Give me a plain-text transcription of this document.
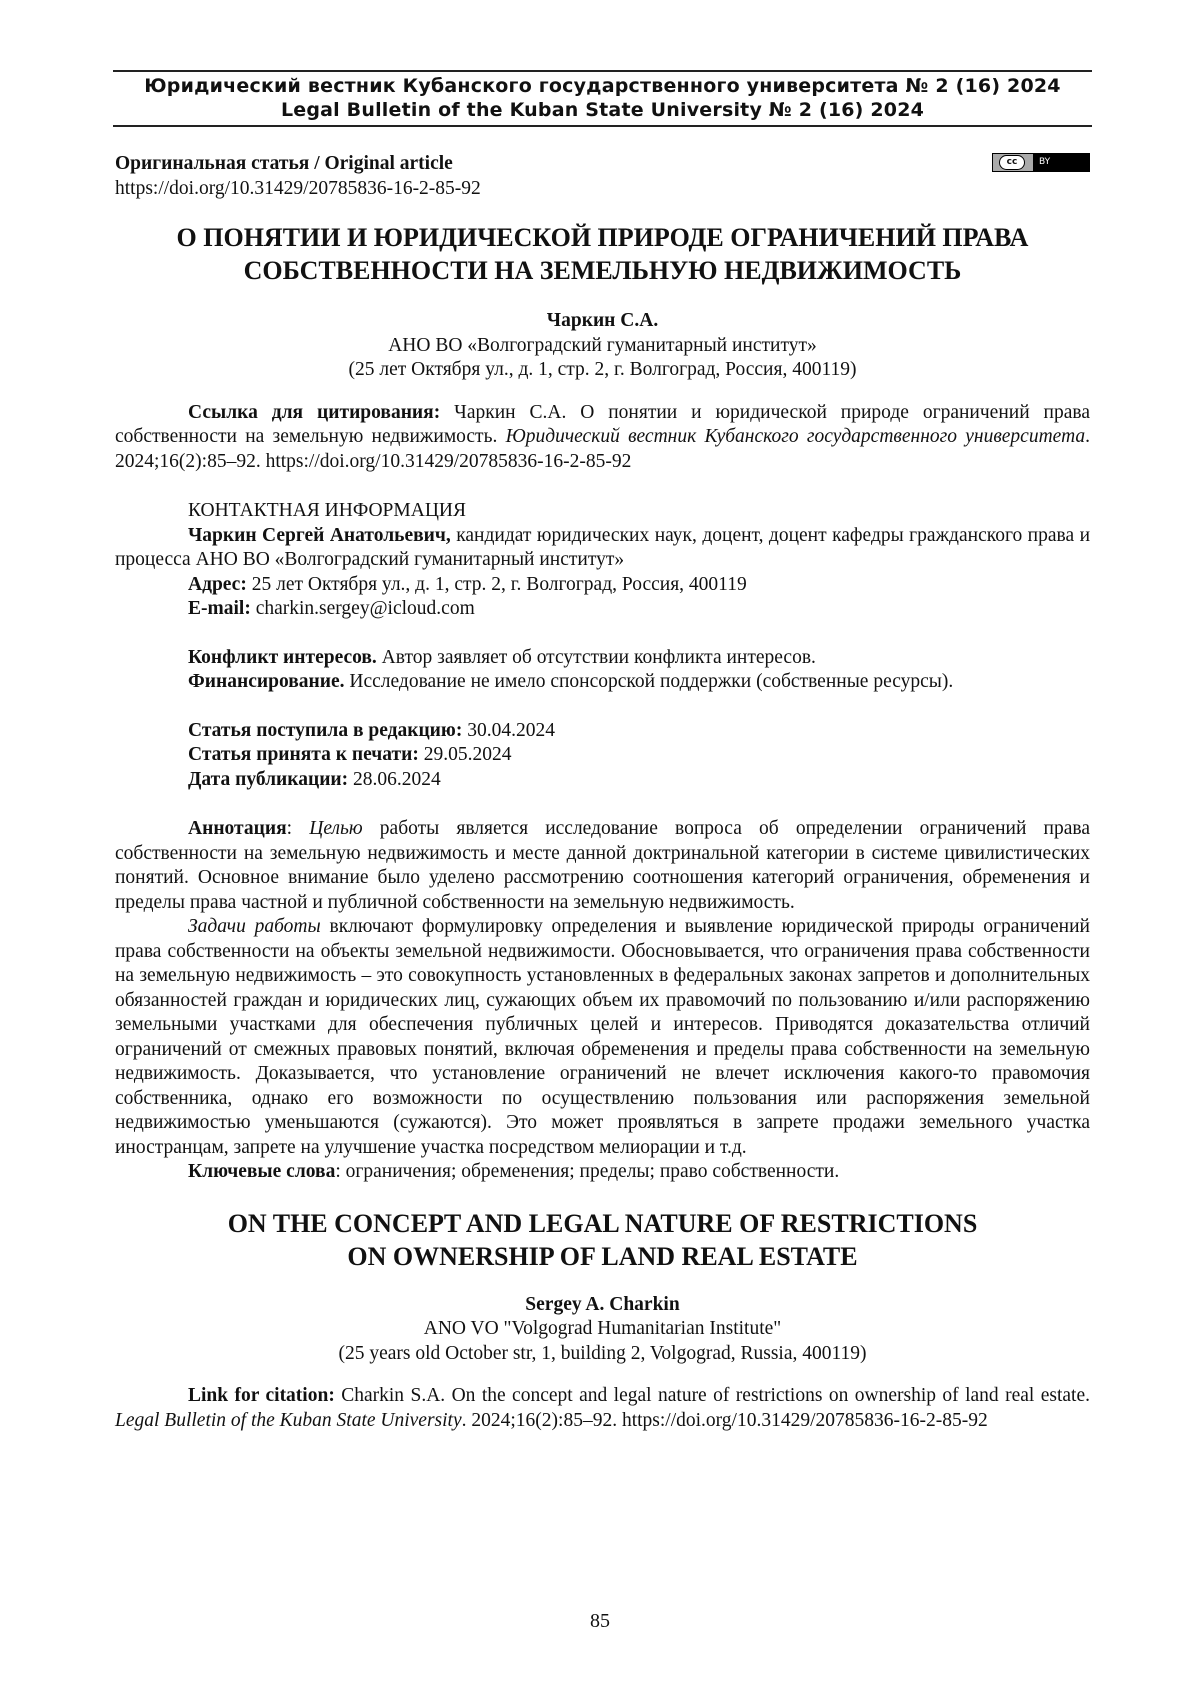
Юридический вестник Кубанского государственного университета № 2 (16) 2024
Legal Bulletin of the Kuban State University № 2 (16) 2024
cc	BY

Оригинальная статья / Original article

https://doi.org/10.31429/20785836-16-2-85-92

О ПОНЯТИИ И ЮРИДИЧЕСКОЙ ПРИРОДЕ ОГРАНИЧЕНИЙ ПРАВА
СОБСТВЕННОСТИ НА ЗЕМЕЛЬНУЮ НЕДВИЖИМОСТЬ

Чаркин С.А.

АНО ВО «Волгоградский гуманитарный институт»

(25 лет Октября ул., д. 1, стр. 2, г. Волгоград, Россия, 400119)

Ссылка для цитирования: Чаркин С.А. О понятии и юридической природе ограничений права собственности на земельную недвижимость. Юридический вестник Кубанского государственного университета. 2024;16(2):85–92. https://doi.org/10.31429/20785836-16-2-85-92

КОНТАКТНАЯ ИНФОРМАЦИЯ

Чаркин Сергей Анатольевич, кандидат юридических наук, доцент, доцент кафедры гражданского права и процесса АНО ВО «Волгоградский гуманитарный институт»

Адрес: 25 лет Октября ул., д. 1, стр. 2, г. Волгоград, Россия, 400119

E-mail: charkin.sergey@icloud.com

Конфликт интересов. Автор заявляет об отсутствии конфликта интересов.

Финансирование. Исследование не имело спонсорской поддержки (собственные ресурсы).

Статья поступила в редакцию: 30.04.2024

Статья принята к печати: 29.05.2024

Дата публикации: 28.06.2024

Аннотация: Целью работы является исследование вопроса об определении ограничений права собственности на земельную недвижимость и месте данной доктринальной категории в системе цивилистических понятий. Основное внимание было уделено рассмотрению соотношения категорий ограничения, обременения и пределы права частной и публичной собственности на земельную недвижимость.

Задачи работы включают формулировку определения и выявление юридической природы ограничений права собственности на объекты земельной недвижимости. Обосновывается, что ограничения права собственности на земельную недвижимость – это совокупность установленных в федеральных законах запретов и дополнительных обязанностей граждан и юридических лиц, сужающих объем их правомочий по пользованию и/или распоряжению земельными участками для обеспечения публичных целей и интересов. Приводятся доказательства отличий ограничений от смежных правовых понятий, включая обременения и пределы права собственности на земельную недвижимость. Доказывается, что установление ограничений не влечет исключения какого-то правомочия собственника, однако его возможности по осуществлению пользования или распоряжения земельной недвижимостью уменьшаются (сужаются). Это может проявляться в запрете продажи земельного участка иностранцам, запрете на улучшение участка посредством мелиорации и т.д.

Ключевые слова: ограничения; обременения; пределы; право собственности.

ON THE CONCEPT AND LEGAL NATURE OF RESTRICTIONS
ON OWNERSHIP OF LAND REAL ESTATE

Sergey A. Charkin

ANO VO "Volgograd Humanitarian Institute"

(25 years old October str, 1, building 2, Volgograd, Russia, 400119)

Link for citation: Charkin S.A. On the concept and legal nature of restrictions on ownership of land real estate. Legal Bulletin of the Kuban State University. 2024;16(2):85–92. https://doi.org/10.31429/20785836-16-2-85-92

85
